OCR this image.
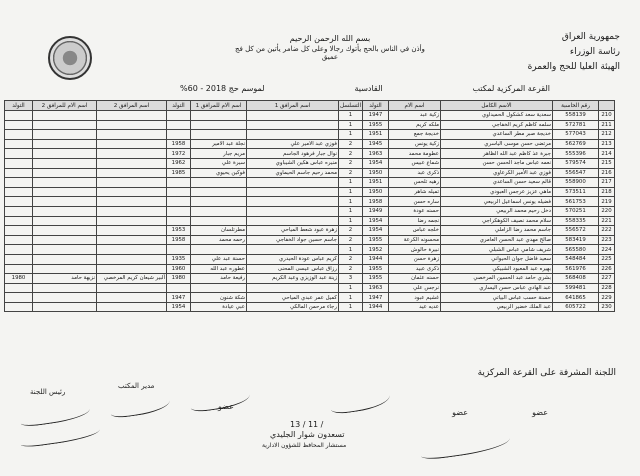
جمهورية العراق
رئاسة الوزراء
الهيئة العليا للحج والعمرة
بسم الله الرحمن الرحيم
وأذن في الناس بالحج يأتوك رجالا وعلى كل ضامر يأتين من كل فج عميق
القرعة المركزية لمكتب
القادسية
لموسم حج 2018 - 60%
	رقم الحاسبة	الاسم الكامل	اسم الام	التولد	التسلسل	اسم المرافق 1	اسم الام للمرافق 1	التولد	اسم المرافق 2	اسم الام للمرافق 2	التولد
210	558139	سعدية سعد كشكول الحميداوي	زكية عبد	1947	1						
211	572781	سلمه كاظم كريم الخفاجي	ملكه كريم	1955	1						
212	577043	خديجة صبر مطر الساعدي	خديجة جمع	1951	1						
213	562769	مرتضى حسن موسى الياسري	زكية يونس	1945	2	فوزي عبد الامير علي	نجلة عبد الامير	1958			
214	555396	جبرة عذ كاظم عبد الله الظاهر	عطومة محمد	1963	2	نوال جبار فرهود الجاسم	مريم جبار	1972			
215	579574	نعمه عباس ماجد الحسن حسن	شماع عبيس	1954	2	منيره عباس هكين الشيباوي	سيرة علي	1962			
216	556547	فوزي عبد الأمير الكرعاوي	ذكرى عبد	1950	2	محمد رحيم جاسم الحيماوي	فوكين يحيوي	1985			
217	558900	قالم سعيد حسن الساعدي	رهيه تلحس	1951	1						
218	573511	ماهي عزيز عرجس العبودي	تميله شاهر	1950	1						
219	561753	فضيله يونس اسماعيل الربيعي	ساره حسن	1958	1						
220	570251	دخل رحيم محمد الربيعي	حسنه عودة	1949	1						
221	558335	سلام محمد نصيف الكوهكراجي	نجمه رضا	1954	1						
222	556572	جاسم محمد رضا الزاملي	خلجه عباس	1954	2	زهرة عبود شعط المياحي	مطرتلسان	1953			
223	583419	صالح مهدي عبد الحسن العامري	محسونه الكرعة	1955	2	جاسم حسين جواد الخفاجي	رحمه محمد	1958			
224	565580	شريف شامي عباس الشبلي	نبيرة حالوش	1952	1						
225	548484	سعيد فاضل جوان الحيواني	زهرة حسن	1944	2	كريم عباس عودة الحيدري	حسنة عبد علي	1935			
226	561976	بهيره عبد المعبود الشبيكي	ذكرى عبيد	1955	2	رزاق عباس عيسى المحنى	عطوره عبد الله	1960			
227	568408	بشري حامد عبد الحسين المرخصي	حسنه عثمان	1955	3	زينة عبد الوزيزي وعبد الكريم	رفيعة حامد	1980	ألبير شيعان كريم المرخصي	نزيهة حامد	1980
228	599481	عبد الهادي عباس حسن اليساري	نرجس علي	1963	1						
229	641865	حسنة حسب عباس البياتي	غشيم عبود	1947	1	كميل عمر عبدي المياحي	شكة شنون	1947			
230	605722	عبد الملك خضير الربيعي	عديه عيد	1944	1	رجاء مرحمن المالكي	عبي عيادة	1954			
اللجنة المشرفة على القرعة المركزية
عضو
عضو
عضو
مدير المكتب
رئيس اللجنة
13 / 11 /
تسعدون شوار الجليدي
مستشار المحافظ للشؤون الادارية
